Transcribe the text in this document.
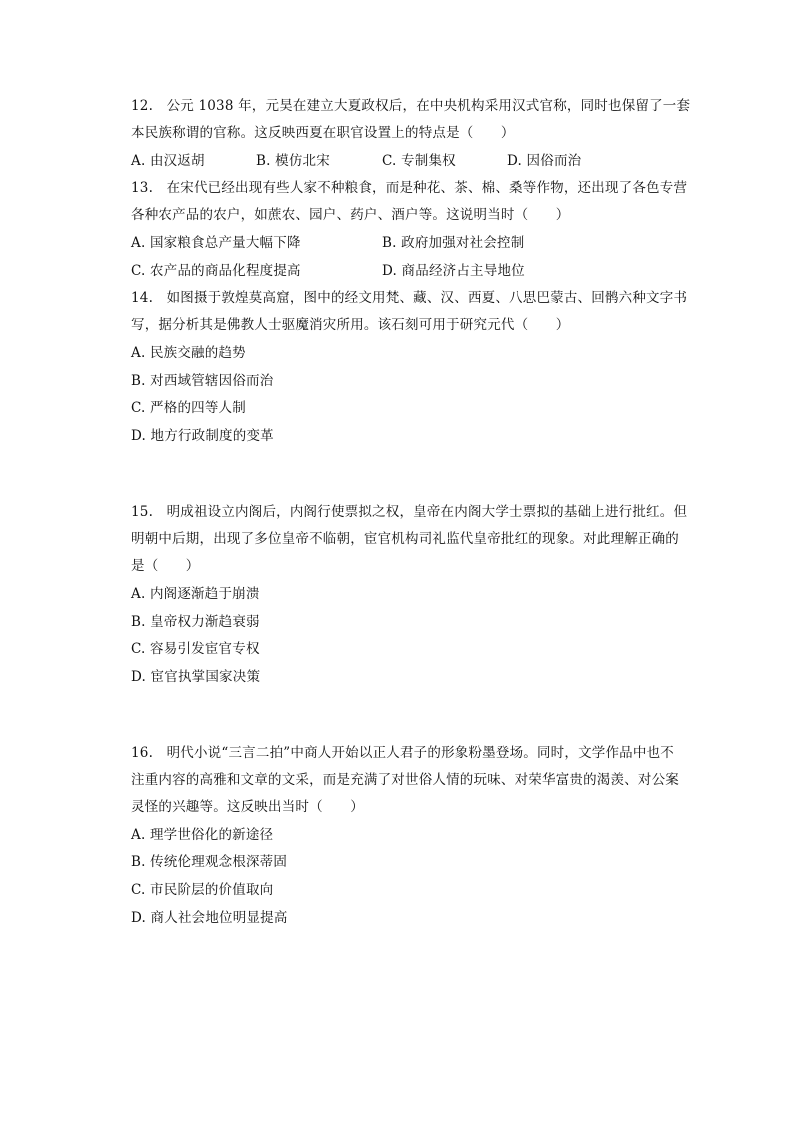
12. 公元 1038 年，元昊在建立大夏政权后，在中央机构采用汉式官称，同时也保留了一套
本民族称谓的官称。这反映西夏在职官设置上的特点是（　　）
A. 由汉返胡	B. 模仿北宋	C. 专制集权	D. 因俗而治
13. 在宋代已经出现有些人家不种粮食，而是种花、茶、棉、桑等作物，还出现了各色专营
各种农产品的农户，如蔗农、园户、药户、酒户等。这说明当时（　　）
A. 国家粮食总产量大幅下降	B. 政府加强对社会控制
C. 农产品的商品化程度提高	D. 商品经济占主导地位
14. 如图摄于敦煌莫高窟，图中的经文用梵、藏、汉、西夏、八思巴蒙古、回鹘六种文字书
写，据分析其是佛教人士驱魔消灾所用。该石刻可用于研究元代（　　）
A. 民族交融的趋势
B. 对西域管辖因俗而治
C. 严格的四等人制
D. 地方行政制度的变革
15. 明成祖设立内阁后，内阁行使票拟之权，皇帝在内阁大学士票拟的基础上进行批红。但
明朝中后期，出现了多位皇帝不临朝，宦官机构司礼监代皇帝批红的现象。对此理解正确的
是（　　）
A. 内阁逐渐趋于崩溃
B. 皇帝权力渐趋衰弱
C. 容易引发宦官专权
D. 宦官执掌国家决策
16. 明代小说“三言二拍”中商人开始以正人君子的形象粉墨登场。同时，文学作品中也不
注重内容的高雅和文章的文采，而是充满了对世俗人情的玩味、对荣华富贵的渴羡、对公案
灵怪的兴趣等。这反映出当时（　　）
A. 理学世俗化的新途径
B. 传统伦理观念根深蒂固
C. 市民阶层的价值取向
D. 商人社会地位明显提高
